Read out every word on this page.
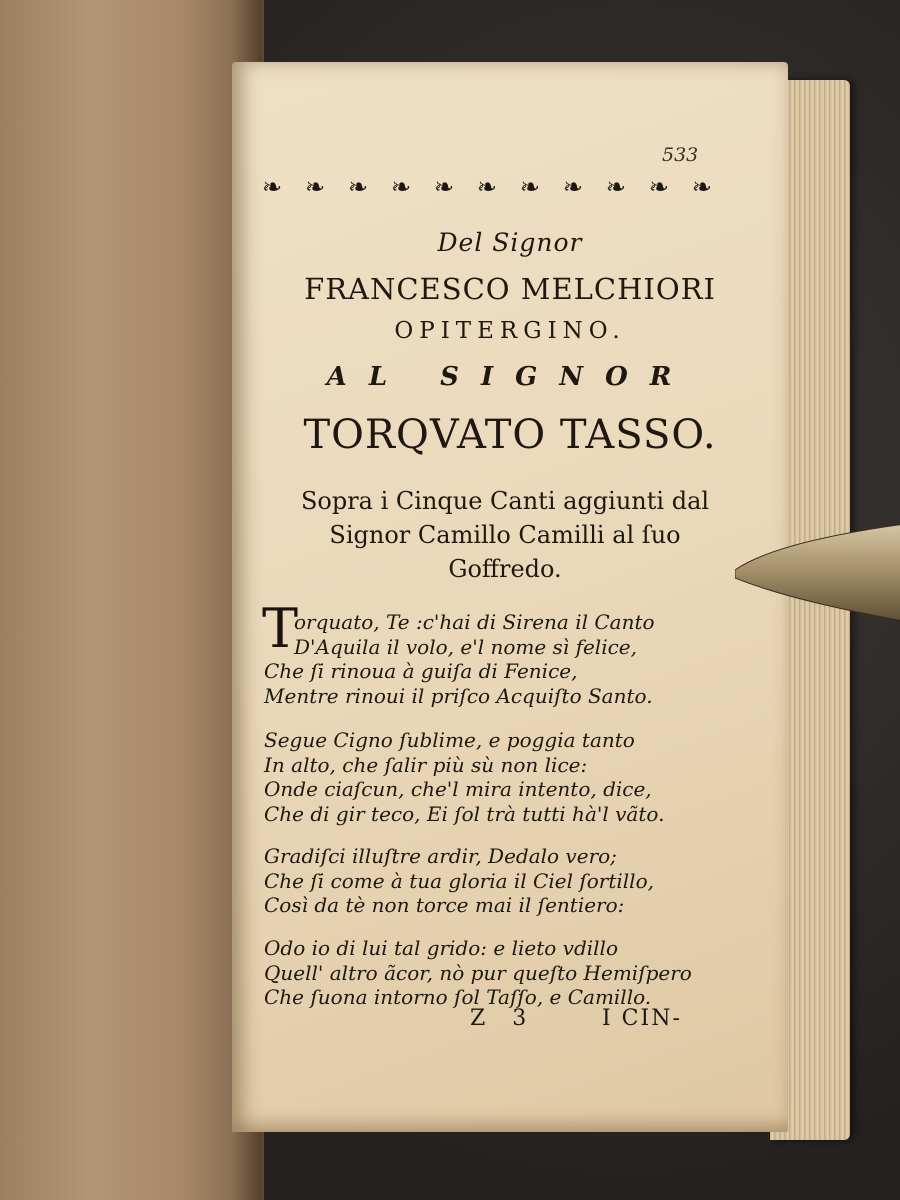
533
❧ ❧ ❧ ❧ ❧ ❧ ❧ ❧ ❧ ❧ ❧
Del Signor
FRANCESCO MELCHIORI
OPITERGINO.
AL SIGNOR
TORQVATO TASSO.
Sopra i Cinque Canti aggiunti dal
Signor Camillo Camilli al ſuo
Goffredo.
T
orquato, Te :c'hai di Sirena il Canto
D'Aquila il volo, e'l nome sì felice,
Che ſi rinoua à guiſa di Fenice,
Mentre rinoui il priſco Acquiſto Santo.
Segue Cigno ſublime, e poggia tanto
In alto, che ſalir più sù non lice:
Onde ciaſcun, che'l mira intento, dice,
Che di gir teco, Ei ſol trà tutti hà'l vãto.
Gradiſci illuſtre ardir, Dedalo vero;
Che ſi come à tua gloria il Ciel ſortillo,
Così da tè non torce mai il ſentiero:
Odo io di lui tal grido: e lieto vdillo
Quell' altro ãcor, nò pur queſto Hemiſpero
Che ſuona intorno ſol Taſſo, e Camillo.
Z 3	I CIN-
